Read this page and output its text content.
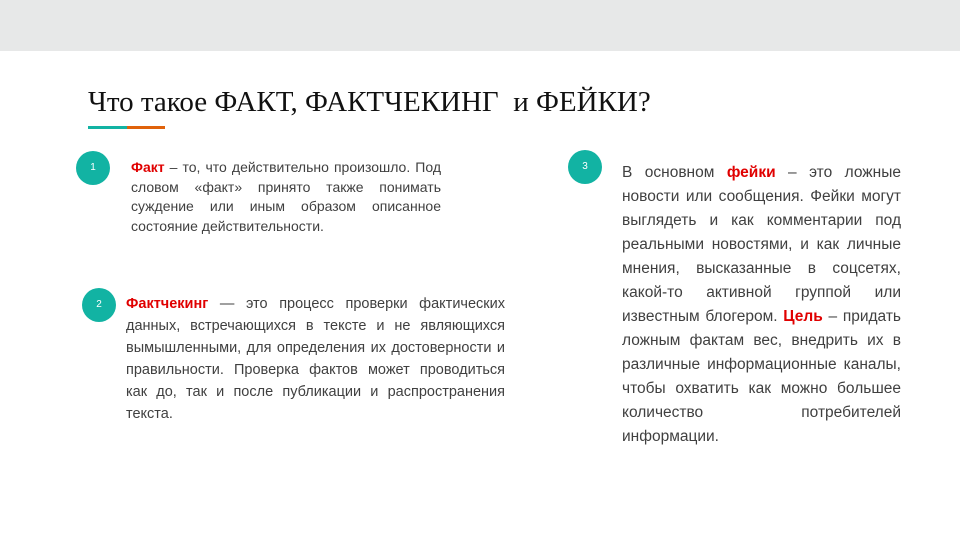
Что такое ФАКТ, ФАКТЧЕКИНГ  и ФЕЙКИ?
1	Факт – то, что действительно произошло. Под словом «факт» принято также понимать суждение или иным образом описанное состояние действительности.

2	Фактчекинг — это процесс проверки фактических данных, встречающихся в тексте и не являющихся вымышленными, для определения их достоверности и правильности. Проверка фактов может проводиться как до, так и после публикации и распространения текста.

3	В основном фейки – это ложные новости или сообщения. Фейки могут выглядеть и как комментарии под реальными новостями, и как личные мнения, высказанные в соцсетях, какой-то активной группой или известным блогером. Цель – придать ложным фактам вес, внедрить их в различные информационные каналы, чтобы охватить как можно большее количество потребителей информации.
